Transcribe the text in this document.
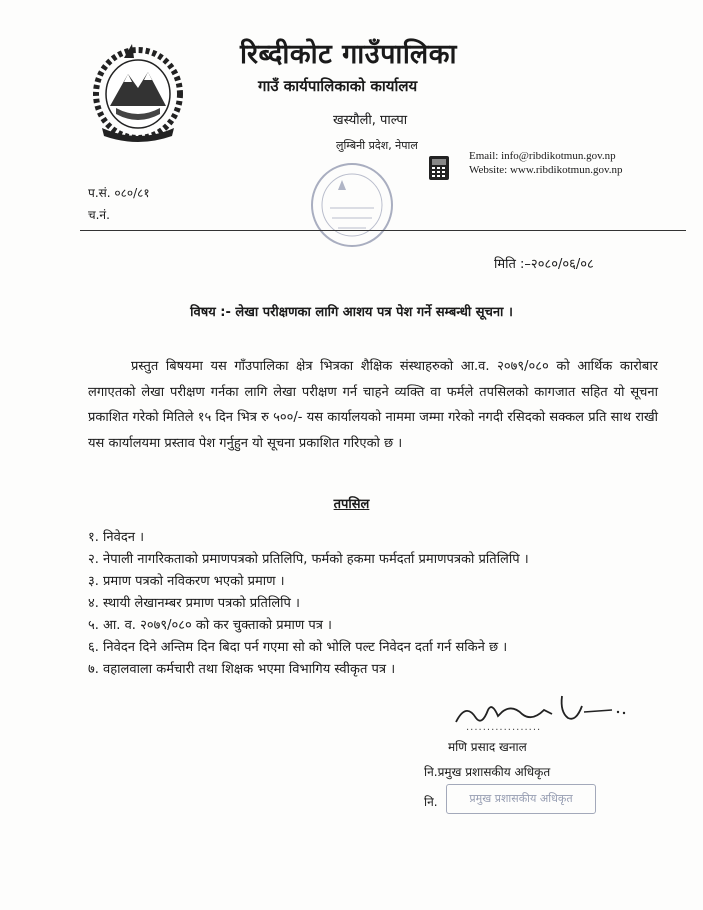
रिब्दीकोट गाउँपालिका
गाउँ कार्यपालिकाको कार्यालय
खस्यौली, पाल्पा
लुम्बिनी प्रदेश, नेपाल
Email: info@ribdikotmun.gov.np
Website: www.ribdikotmun.gov.np
प.सं. ०८०/८१
च.नं.
मिति :–२०८०/०६/०८
विषय :- लेखा परीक्षणका लागि आशय पत्र पेश गर्ने सम्बन्धी सूचना ।

प्रस्तुत बिषयमा यस गाँउपालिका क्षेत्र भित्रका शैक्षिक संस्थाहरुको आ.व. २०७९/०८० को आर्थिक कारोबार लगाएतको लेखा परीक्षण गर्नका लागि लेखा परीक्षण गर्न चाहने व्यक्ति वा फर्मले तपसिलको कागजात सहित यो सूचना प्रकाशित गरेको मितिले १५ दिन भित्र रु ५००/- यस कार्यालयको नाममा जम्मा गरेको नगदी रसिदको सक्कल प्रति साथ राखी यस कार्यालयमा प्रस्ताव पेश गर्नुहुन यो सूचना प्रकाशित गरिएको छ ।

तपसिल
१. निवेदन ।
२. नेपाली नागरिकताको प्रमाणपत्रको प्रतिलिपि, फर्मको हकमा फर्मदर्ता प्रमाणपत्रको प्रतिलिपि ।
३. प्रमाण पत्रको नविकरण भएको प्रमाण ।
४. स्थायी लेखानम्बर प्रमाण पत्रको प्रतिलिपि ।
५. आ. व. २०७९/०८० को कर चुक्ताको प्रमाण पत्र ।
६. निवेदन दिने अन्तिम दिन बिदा पर्न गएमा सो को भोलि पल्ट निवेदन दर्ता गर्न सकिने छ ।
७. वहालवाला कर्मचारी तथा शिक्षक भएमा विभागिय स्वीकृत पत्र ।
..................
मणि प्रसाद खनाल
नि.प्रमुख प्रशासकीय अधिकृत
नि.	प्रमुख प्रशासकीय अधिकृत
